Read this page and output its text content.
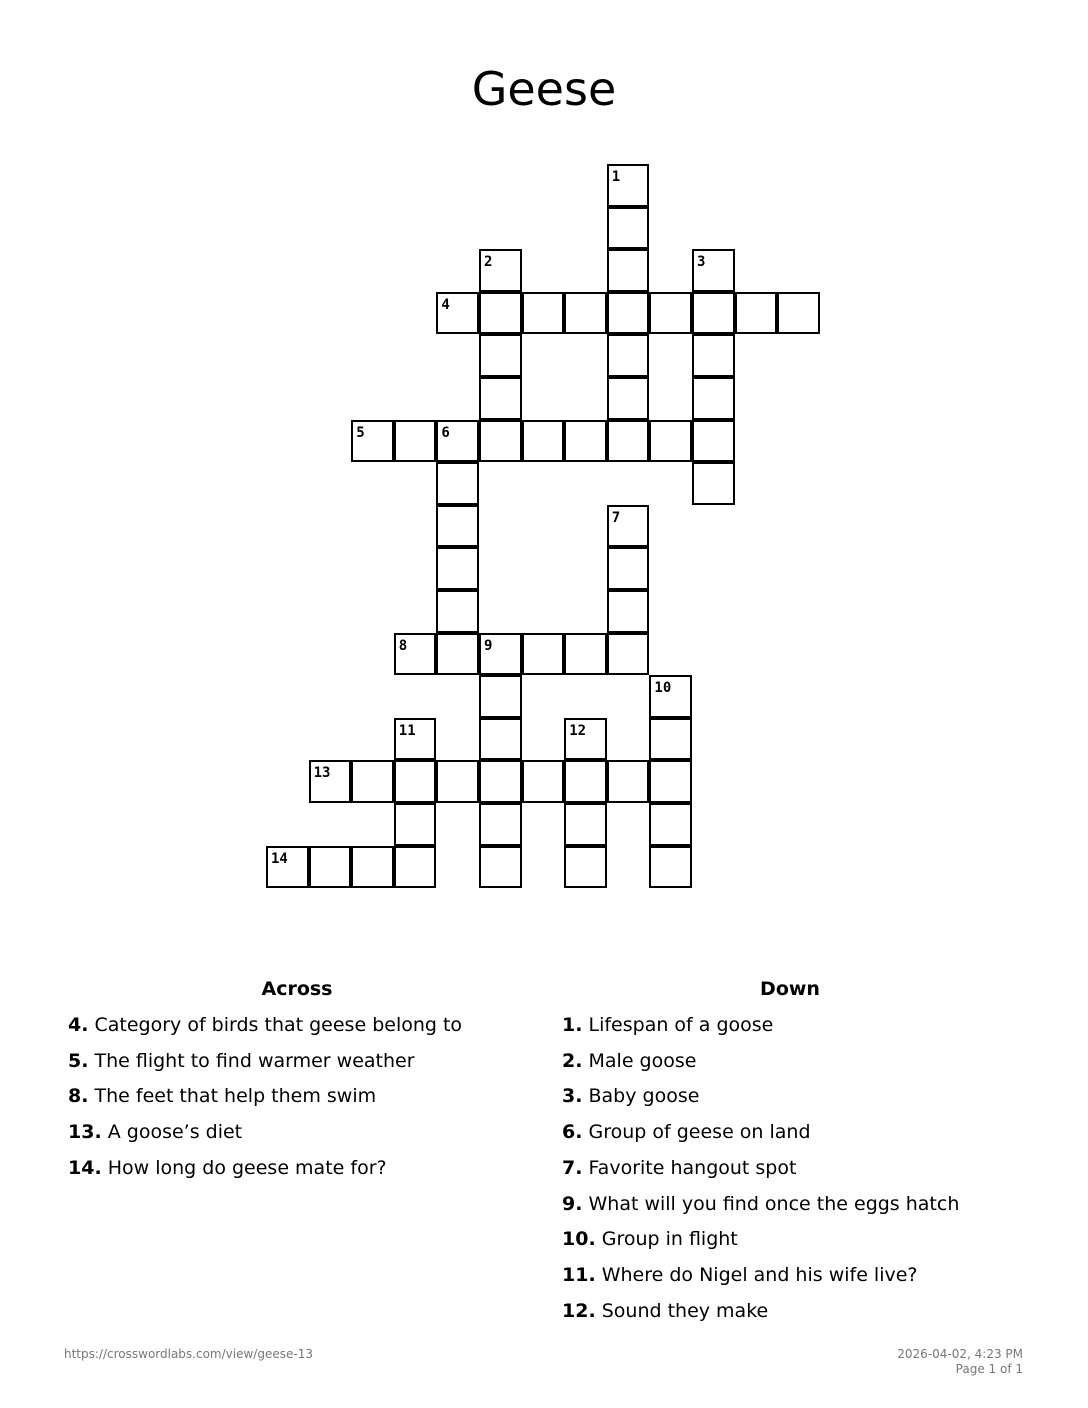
Geese
1
2	3
4
5	6
7
8	9
10
11	12
13
14
Across
4. Category of birds that geese belong to
5. The flight to find warmer weather
8. The feet that help them swim
13. A goose’s diet
14. How long do geese mate for?
Down
1. Lifespan of a goose
2. Male goose
3. Baby goose
6. Group of geese on land
7. Favorite hangout spot
9. What will you find once the eggs hatch
10. Group in flight
11. Where do Nigel and his wife live?
12. Sound they make
https://crosswordlabs.com/view/geese-13	2026-04-02, 4:23 PM
Page 1 of 1
